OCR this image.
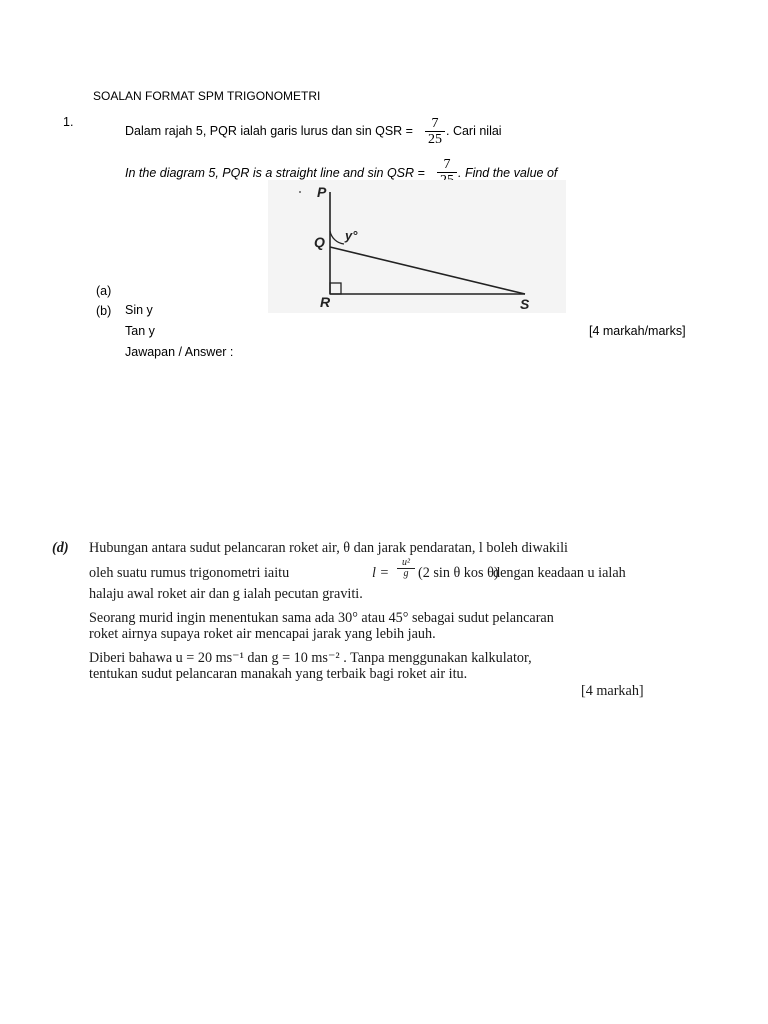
SOALAN FORMAT SPM TRIGONOMETRI
1.
Dalam rajah 5, PQR ialah garis lurus dan sin QSR = $\frac{7}{25}$ . Cari nilai
In the diagram 5, PQR is a straight line and sin QSR =
7
. Find the value of
P
Q
R	S
y°
(a)
(b) Sin y
Tan y	[4 markah/marks]
Jawapan / Answer :
(d) Hubungan antara sudut pelancaran roket air, θ dan jarak pendaratan, l boleh diwakili
oleh suatu rumus trigonometri iaitu	$l = \frac{\text{u²}}{g} (2$ sin θ kos θ)
dengan keadaan u ialah
halaju awal roket air dan g ialah pecutan graviti.
Seorang murid ingin menentukan sama ada 30° atau 45° sebagai sudut pelancaran
roket airnya supaya roket air mencapai jarak yang lebih jauh.
Diberi bahawa u = 20 ms⁻¹ dan g = 10 ms⁻² . Tanpa menggunakan kalkulator,
tentukan sudut pelancaran manakah yang terbaik bagi roket air itu.
[4 markah]
